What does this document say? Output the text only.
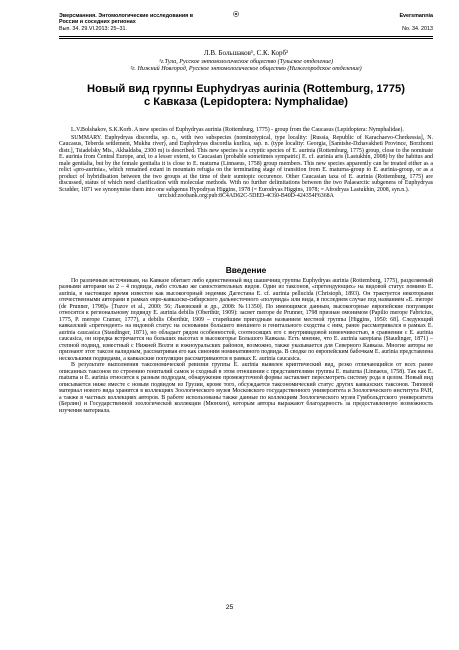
Эверсманния. Энтомологические исследования в
России и соседних регионах
Вып. 34. 29.VI.2013: 25–31.
Eversmannia
No. 34. 2013
Л.В. Большаков¹, С.К. Корб²
¹г.Тула, Русское энтомологическое общество (Тульское отделение)
²г. Нижний Новгород, Русское энтомологическое общество (Нижегородское отделение)
Новый вид группы Euphydryas aurinia (Rottemburg, 1775)
с Кавказа (Lepidoptera: Nymphalidae)

L.V.Bolshakov, S.K.Korb. A new species of Euphydryas aurinia (Rottemburg, 1775) - group from the Caucasus (Lepidoptera: Nymphalidae).

SUMMARY. Euphydryas discordia, sp. n., with two subspecies (nominotypical, type locality: [Russia, Republic of Karachaevo-Cherkessia], N. Caucasus, Teberda settlement, Mukhu river), and Euphydryas discordia kurlica, ssp. n. (type locality: Georgia, [Samtshe-Dzhavakheti Province, Borzhomi distr.], Tsiadelsky Mts., Akhaldaba, 2300 m) is described. This new species is a cryptic species of E. aurinia (Rottemburg, 1775) group, close to the nominate E. aurinia from Central Europe, and, to a lesser extent, to Caucasian (probable sometimes sympatric) E. cf. aurinia aris (Lastukhin, 2008) by the habitus and male genitalia, but by the female genitalia it is close to E. maturna (Linnaeus, 1758) group members. This new species apparently can be treated either as a relict «pro-aurinia», which remained extant in mountain refugia on the terminating stage of transition from E. maturna-group to E. aurinia-group, or as a product of hybridisation between the two groups at the time of their sumtopic occurence. Other Caucasian taxa of E. aurinia (Rottemburg, 1775) are discussed, status of which need clarification with molecular methods. With no further delimitations between the two Palaearctic subgenera of Euphydryas Scudder, 1871 we synonymise them into one subgenus Hypodryas Higgins, 1978 (= Eurodryas Higgins, 1978; = Afrodryas Lastukhin, 2008, syn.n.).

urn:lsid:zoobank.org:pub:8C4AD62C-5DED-4C60-B40D-424354F6368A

Введение

По различным источникам, на Кавказе обитает либо единственный вид шашечниц группы Euphydryas aurinia (Rottemburg, 1775), разделяемый разными авторами на 2 – 4 подвида, либо столько же самостоятельных видов. Один из таксонов, «претендующих» на видовой статус помимо E. aurinia, в настоящее время известен как высокогорный эндемик Дагестана E. cf. aurinia pellucida (Christoph, 1893). Он трактуется некоторыми отечественными авторами в рамках евро-кавказско-сибирского дальнесточного «полувида» или вида, в последнем случае под названием «E. merope (de Prunner, 1798)» [Tuzov et al., 2000: 56; Львовский и др., 2008: №11350]. По имеющимся данным, высокогорные европейские популяции относятся к региональному подвиду E. aurinia debilis (Oberthür, 1909): засвет merope de Prunner, 1798 признан омонимом (Papilio merope Fabricius, 1775, P. merope Cramer, 1777), a debilis Oberthür, 1909 – старейшим пригодным названием местной группы [Higgins, 1950: 68]. Следующий кавказский «претендент» на видовой статус на основании большего внешнего и генитального сходства с ним, ранее рассматривался в рамках E. aurinia caucasica (Staudinger, 1871), но обладает рядом особенностей, соотносящих его с внутривидовой изменчивостью, в сравнении с E. aurinia caucasica, он изредка встречается на больших высотах в высокогорье Большого Кавказа. Есть мнение, что E. aurinia sareptana (Staudinger, 1871) – степной подвид, известный с Нижней Волги и южноуральских районов, возможно, также указывается для Северного Кавказа. Многие авторы не признают этот таксон валидным, рассматривая его как синоним номинативного подвида. В сводке по европейским бабочкам E. aurinia представлена несколькими подвидами, а кавказские популяции рассматриваются в рамках E. aurinia caucasica.

В результате выполнения таксономической ревизии группы E. aurinia выявлен криптический вид, резко отличающийся от всех ранее описанных таксонов по строению гениталий самок и сходный в этом отношении с представителями группы E. maturna (Linnaeus, 1758). Так как E. maturna и E. aurinia относятся к разным подродам, обнаружение промежуточной формы заставляет пересмотреть систему рода в целом. Новый вид описывается ниже вместе с новым подвидом из Грузии, кроме того, обсуждается таксономический статус других кавказских таксонов. Типовой материал нового вида хранится в коллекциях Зоологического музея Московского государственного университета и Зоологического института РАН, а также в частных коллекциях авторов. В работе использованы также данные по коллекциям Зоологического музея Гумбольдтского университета (Берлин) и Государственной зоологической коллекции (Мюнхен), которым авторы выражают благодарность за предоставленную возможность изучения материала.

25
